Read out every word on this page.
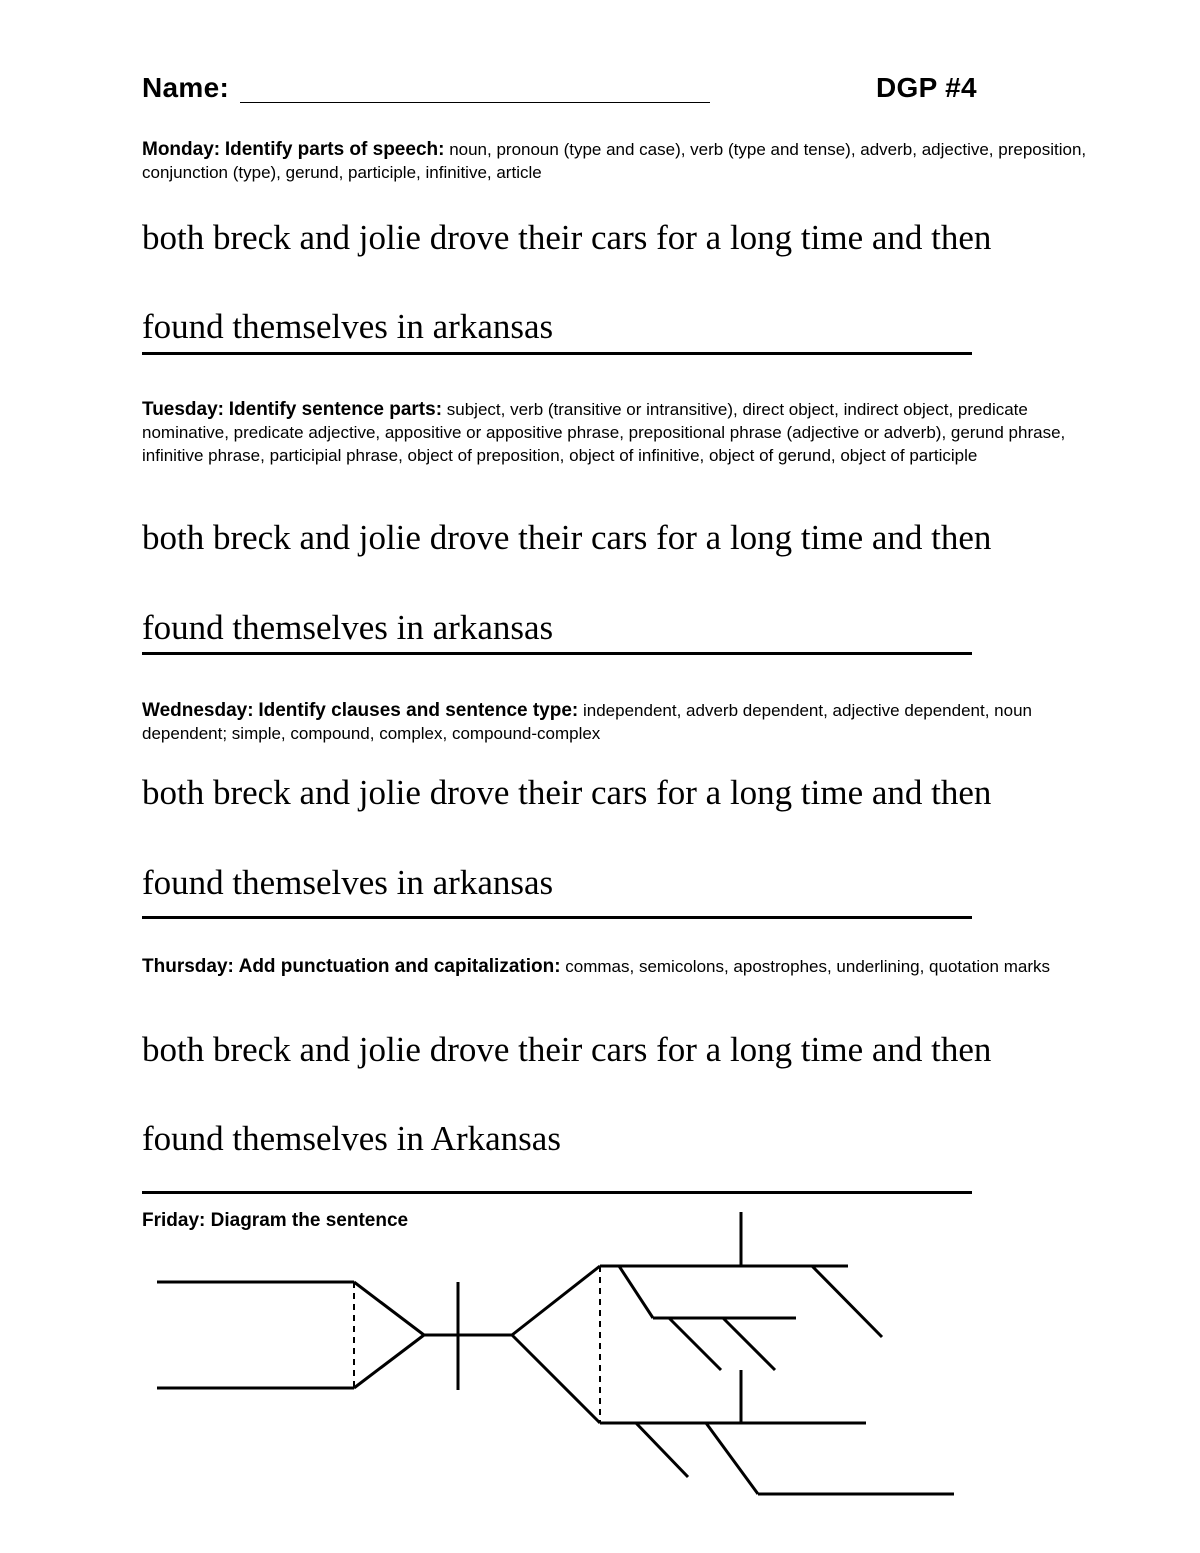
Name:	DGP #4
Monday: Identify parts of speech: noun, pronoun (type and case), verb (type and tense), adverb, adjective, preposition, conjunction (type), gerund, participle, infinitive, article
both breck and jolie drove their cars for a long time and then
found themselves in arkansas
Tuesday: Identify sentence parts: subject, verb (transitive or intransitive), direct object, indirect object, predicate nominative, predicate adjective, appositive or appositive phrase, prepositional phrase (adjective or adverb), gerund phrase, infinitive phrase, participial phrase, object of preposition, object of infinitive, object of gerund, object of participle
both breck and jolie drove their cars for a long time and then
found themselves in arkansas
Wednesday: Identify clauses and sentence type: independent, adverb dependent, adjective dependent, noun dependent; simple, compound, complex, compound-complex
both breck and jolie drove their cars for a long time and then
found themselves in arkansas
Thursday: Add punctuation and capitalization: commas, semicolons, apostrophes, underlining, quotation marks
both breck and jolie drove their cars for a long time and then
found themselves in Arkansas
Friday: Diagram the sentence
